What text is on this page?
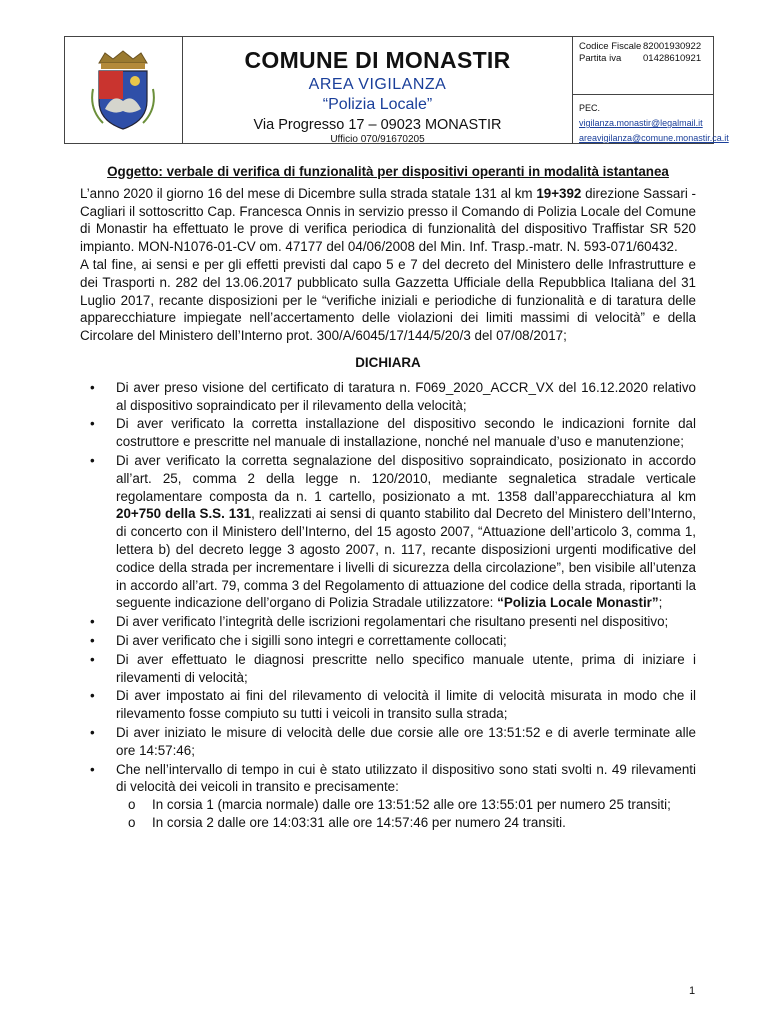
COMUNE DI MONASTIR
AREA VIGILANZA
“Polizia Locale”
Via Progresso 17 – 09023 MONASTIR
Ufficio 070/91670205
Codice Fiscale 82001930922
Partita iva	01428610921
PEC. vigilanza.monastir@legalmail.it
areavigilanza@comune.monastir.ca.it
Oggetto: verbale di verifica di funzionalità per dispositivi operanti in modalità istantanea

L’anno 2020 il giorno 16 del mese di Dicembre sulla strada statale 131 al km 19+392 direzione Sassari - Cagliari il sottoscritto Cap. Francesca Onnis in servizio presso il Comando di Polizia Locale del Comune di Monastir ha effettuato le prove di verifica periodica di funzionalità del dispositivo Traffistar SR 520 impianto. MON-N1076-01-CV om. 47177 del 04/06/2008 del Min. Inf. Trasp.-matr. N. 593-071/60432.

A tal fine, ai sensi e per gli effetti previsti dal capo 5 e 7 del decreto del Ministero delle Infrastrutture e dei Trasporti n. 282 del 13.06.2017 pubblicato sulla Gazzetta Ufficiale della Repubblica Italiana del 31 Luglio 2017, recante disposizioni per le “verifiche iniziali e periodiche di funzionalità e di taratura delle apparecchiature impiegate nell’accertamento delle violazioni dei limiti massimi di velocità” e della Circolare del Ministero dell’Interno prot. 300/A/6045/17/144/5/20/3 del 07/08/2017;

DICHIARA
• Di aver preso visione del certificato di taratura n. F069_2020_ACCR_VX del 16.12.2020 relativo al dispositivo sopraindicato per il rilevamento della velocità;
• Di aver verificato la corretta installazione del dispositivo secondo le indicazioni fornite dal costruttore e prescritte nel manuale di installazione, nonché nel manuale d’uso e manutenzione;
• Di aver verificato la corretta segnalazione del dispositivo sopraindicato, posizionato in accordo all’art. 25, comma 2 della legge n. 120/2010, mediante segnaletica stradale verticale regolamentare composta da n. 1 cartello, posizionato a mt. 1358 dall’apparecchiatura al km 20+750 della S.S. 131, realizzati ai sensi di quanto stabilito dal Decreto del Ministero dell’Interno, di concerto con il Ministero dell’Interno, del 15 agosto 2007, “Attuazione dell’articolo 3, comma 1, lettera b) del decreto legge 3 agosto 2007, n. 117, recante disposizioni urgenti modificative del codice della strada per incrementare i livelli di sicurezza della circolazione”, ben visibile all’utenza in accordo all’art. 79, comma 3 del Regolamento di attuazione del codice della strada, riportanti la seguente indicazione dell’organo di Polizia Stradale utilizzatore: “Polizia Locale Monastir”;
• Di aver verificato l’integrità delle iscrizioni regolamentari che risultano presenti nel dispositivo;
• Di aver verificato che i sigilli sono integri e correttamente collocati;
• Di aver effettuato le diagnosi prescritte nello specifico manuale utente, prima di iniziare i rilevamenti di velocità;
• Di aver impostato ai fini del rilevamento di velocità il limite di velocità misurata in modo che il rilevamento fosse compiuto su tutti i veicoli in transito sulla strada;
• Di aver iniziato le misure di velocità delle due corsie alle ore 13:51:52 e di averle terminate alle ore 14:57:46;
• Che nell’intervallo di tempo in cui è stato utilizzato il dispositivo sono stati svolti n. 49 rilevamenti di velocità dei veicoli in transito e precisamente:
o In corsia 1 (marcia normale) dalle ore 13:51:52 alle ore 13:55:01 per numero 25 transiti;
o In corsia 2 dalle ore 14:03:31 alle ore 14:57:46 per numero 24 transiti.
1
